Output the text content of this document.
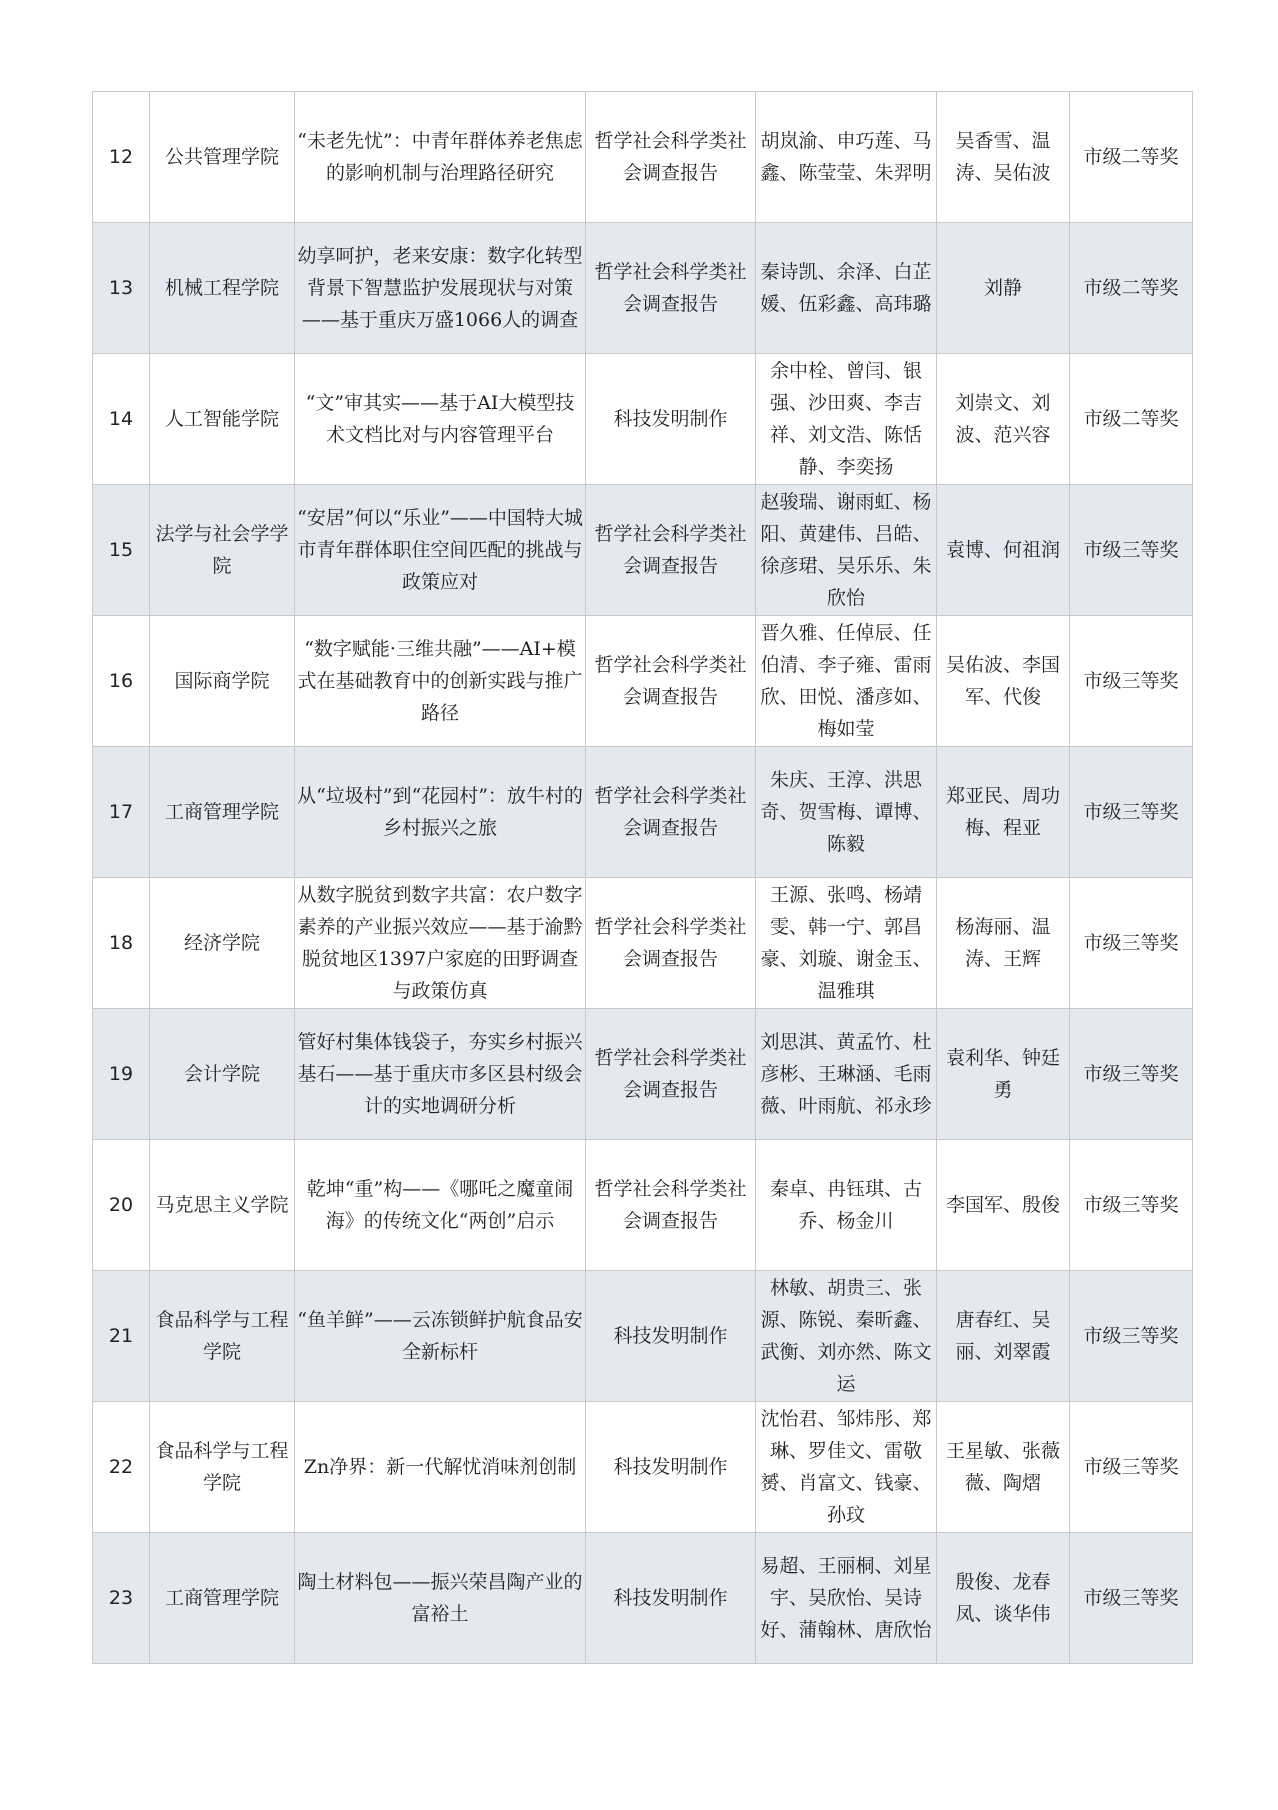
12	公共管理学院	“未老先忧”：中青年群体养老焦虑的影响机制与治理路径研究	哲学社会科学类社会调查报告	胡岚渝、申巧莲、马鑫、陈莹莹、朱羿明	吴香雪、温涛、吴佑波	市级二等奖
13	机械工程学院	幼享呵护，老来安康：数字化转型背景下智慧监护发展现状与对策——基于重庆万盛1066人的调查	哲学社会科学类社会调查报告	秦诗凯、余泽、白芷媛、伍彩鑫、高玮璐	刘静	市级二等奖
14	人工智能学院	“文”审其实——基于AI大模型技术文档比对与内容管理平台	科技发明制作	余中栓、曾闫、银强、沙田爽、李吉祥、刘文浩、陈恬静、李奕扬	刘崇文、刘波、范兴容	市级二等奖
15	法学与社会学学院	“安居”何以“乐业”——中国特大城市青年群体职住空间匹配的挑战与政策应对	哲学社会科学类社会调查报告	赵骏瑞、谢雨虹、杨阳、黄建伟、吕皓、徐彦珺、吴乐乐、朱欣怡	袁博、何祖润	市级三等奖
16	国际商学院	“数字赋能·三维共融”——AI+模式在基础教育中的创新实践与推广路径	哲学社会科学类社会调查报告	晋久雅、任倬辰、任伯清、李子雍、雷雨欣、田悦、潘彦如、梅如莹	吴佑波、李国军、代俊	市级三等奖
17	工商管理学院	从“垃圾村”到“花园村”：放牛村的乡村振兴之旅	哲学社会科学类社会调查报告	朱庆、王淳、洪思奇、贺雪梅、谭博、陈毅	郑亚民、周功梅、程亚	市级三等奖
18	经济学院	从数字脱贫到数字共富：农户数字素养的产业振兴效应——基于渝黔脱贫地区1397户家庭的田野调查与政策仿真	哲学社会科学类社会调查报告	王源、张鸣、杨靖雯、韩一宁、郭昌豪、刘璇、谢金玉、温雅琪	杨海丽、温涛、王辉	市级三等奖
19	会计学院	管好村集体钱袋子，夯实乡村振兴基石——基于重庆市多区县村级会计的实地调研分析	哲学社会科学类社会调查报告	刘思淇、黄孟竹、杜彦彬、王琳涵、毛雨薇、叶雨航、祁永珍	袁利华、钟廷勇	市级三等奖
20	马克思主义学院	乾坤“重”构——《哪吒之魔童闹海》的传统文化“两创”启示	哲学社会科学类社会调查报告	秦卓、冉钰琪、古乔、杨金川	李国军、殷俊	市级三等奖
21	食品科学与工程学院	“鱼羊鲜”——云冻锁鲜护航食品安全新标杆	科技发明制作	林敏、胡贵三、张源、陈锐、秦昕鑫、武衡、刘亦然、陈文运	唐春红、吴丽、刘翠霞	市级三等奖
22	食品科学与工程学院	Zn净界：新一代解忧消味剂创制	科技发明制作	沈怡君、邹炜彤、郑琳、罗佳文、雷敬赟、肖富文、钱豪、孙玟	王星敏、张薇薇、陶熠	市级三等奖
23	工商管理学院	陶土材料包——振兴荣昌陶产业的富裕土	科技发明制作	易超、王丽桐、刘星宇、吴欣怡、吴诗好、蒲翰林、唐欣怡	殷俊、龙春凤、谈华伟	市级三等奖
